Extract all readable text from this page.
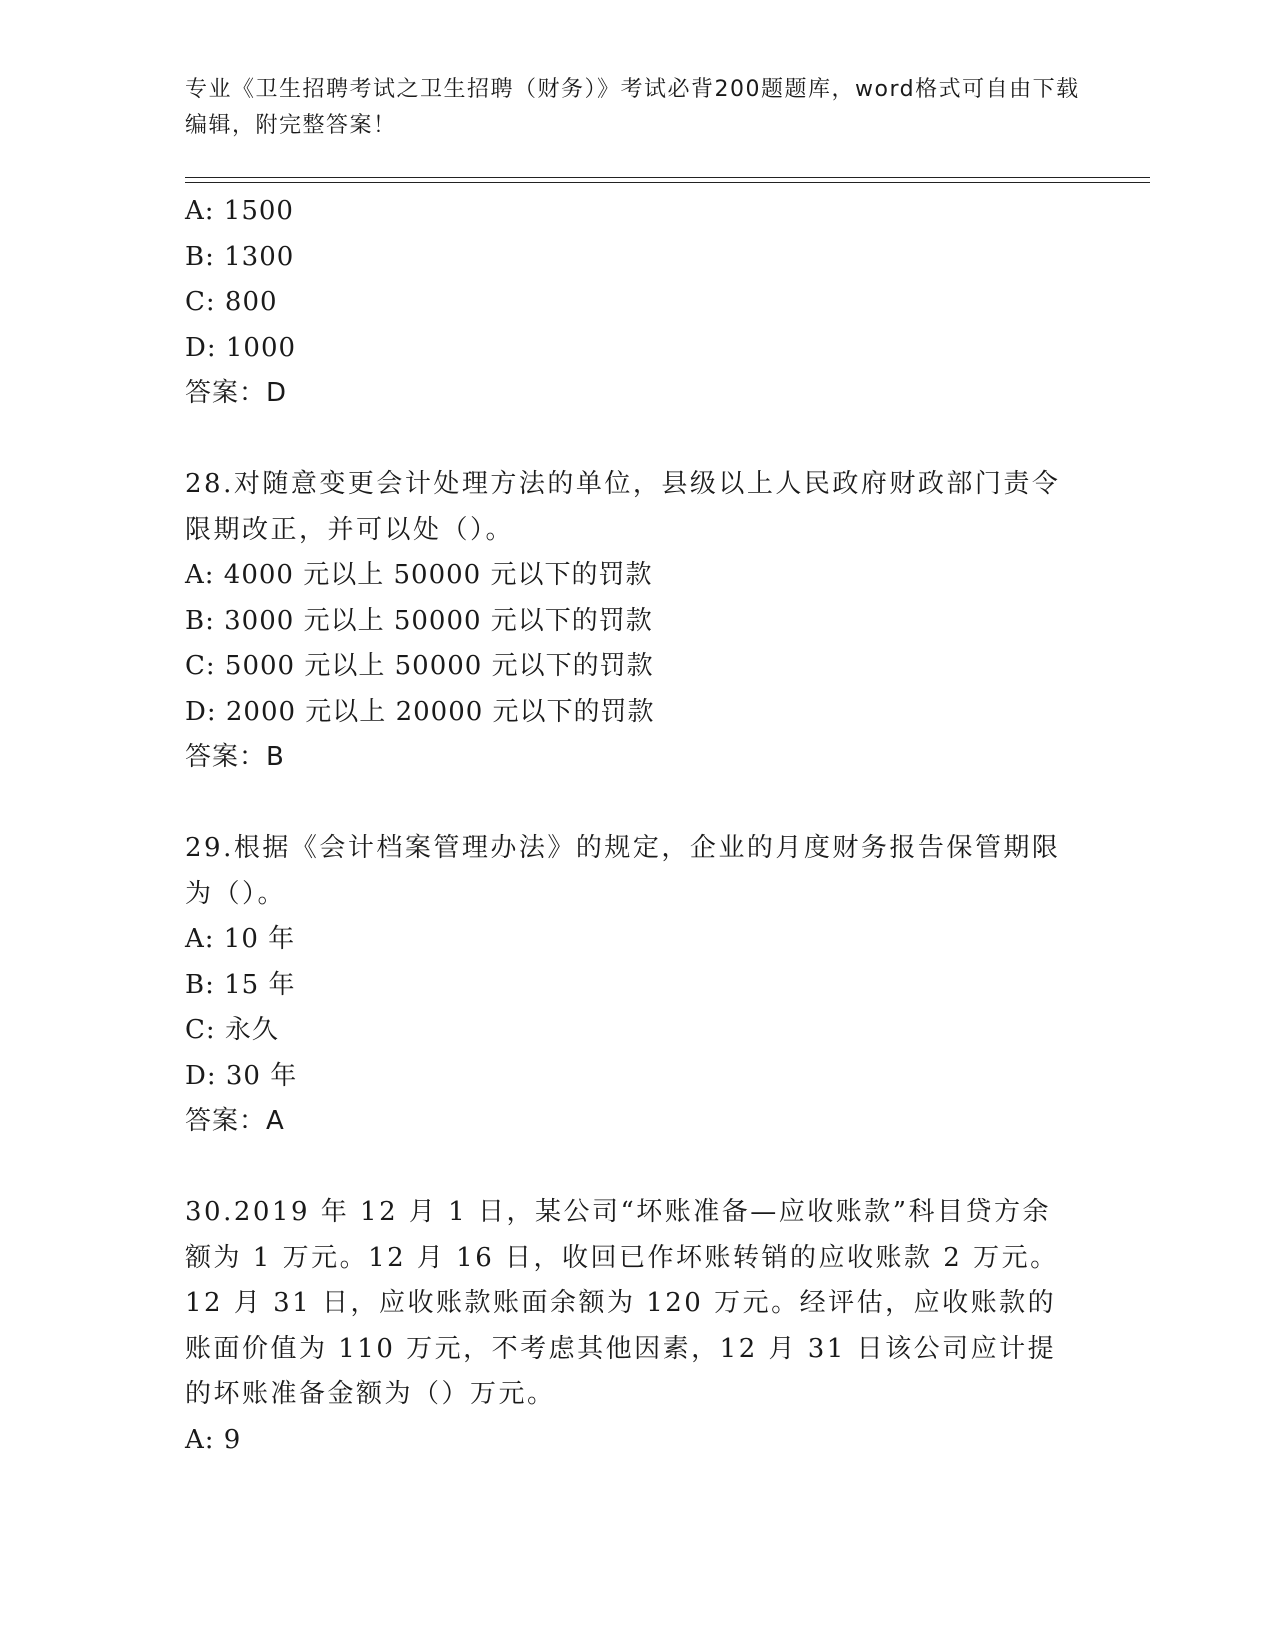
专业《卫生招聘考试之卫生招聘（财务）》考试必背200题题库，word格式可自由下载编辑，附完整答案！
A: 1500
B: 1300
C: 800
D: 1000
答案：D
28.对随意变更会计处理方法的单位，县级以上人民政府财政部门责令限期改正，并可以处（）。
A: 4000 元以上 50000 元以下的罚款
B: 3000 元以上 50000 元以下的罚款
C: 5000 元以上 50000 元以下的罚款
D: 2000 元以上 20000 元以下的罚款
答案：B
29.根据《会计档案管理办法》的规定，企业的月度财务报告保管期限为（）。
A: 10 年
B: 15 年
C: 永久
D: 30 年
答案：A
30.2019 年 12 月 1 日，某公司“坏账准备—应收账款”科目贷方余额为 1 万元。12 月 16 日，收回已作坏账转销的应收账款 2 万元。12 月 31 日，应收账款账面余额为 120 万元。经评估，应收账款的账面价值为 110 万元，不考虑其他因素，12 月 31 日该公司应计提的坏账准备金额为（）万元。
A: 9
